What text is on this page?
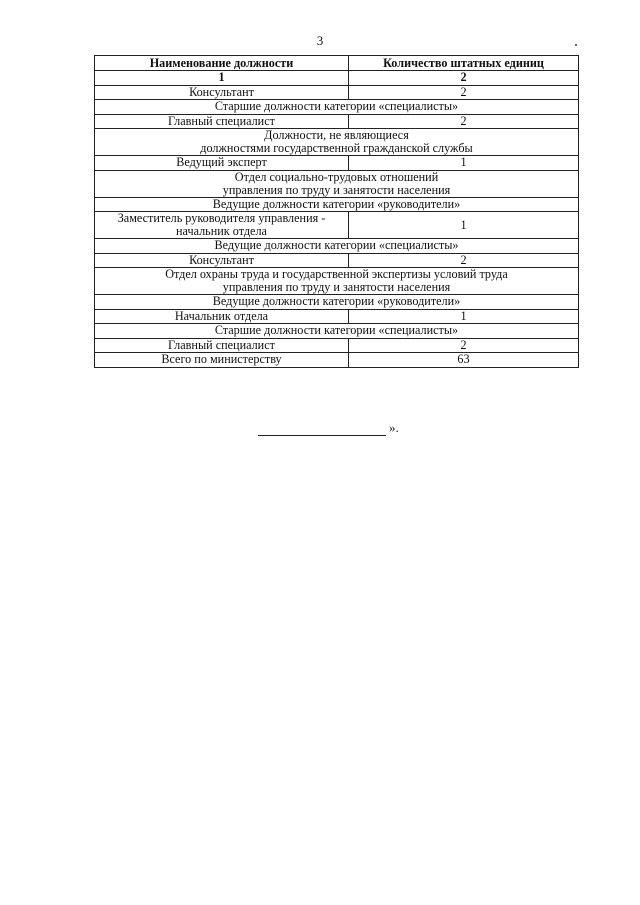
3
Наименование должности	Количество штатных единиц
1	2
Консультант	2
Старшие должности категории «специалисты»	
Главный специалист	2
Должности, не являющиеся
должностями государственной гражданской службы	
Ведущий эксперт	1
Отдел социально-трудовых отношений
управления по труду и занятости населения	
Ведущие должности категории «руководители»	
Заместитель руководителя управления -
начальник отдела	1
Ведущие должности категории «специалисты»	
Консультант	2
Отдел охраны труда и государственной экспертизы условий труда
управления по труду и занятости населения	
Ведущие должности категории «руководители»	
Начальник отдела	1
Старшие должности категории «специалисты»	
Главный специалист	2
Всего по министерству	63
».
